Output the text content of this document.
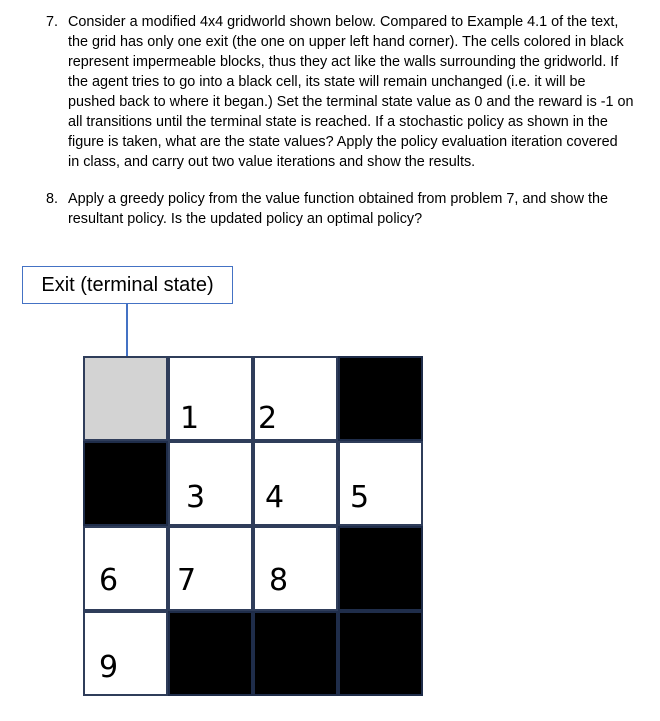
7. Consider a modified 4x4 gridworld shown below. Compared to Example 4.1 of the text,
the grid has only one exit (the one on upper left hand corner). The cells colored in black
represent impermeable blocks, thus they act like the walls surrounding the gridworld. If
the agent tries to go into a black cell, its state will remain unchanged (i.e. it will be
pushed back to where it began.) Set the terminal state value as 0 and the reward is -1 on
all transitions until the terminal state is reached. If a stochastic policy as shown in the
figure is taken, what are the state values? Apply the policy evaluation iteration covered
in class, and carry out two value iterations and show the results.
8. Apply a greedy policy from the value function obtained from problem 7, and show the
resultant policy. Is the updated policy an optimal policy?
Exit (terminal state)
1 2
3 4 5
6 7 8
9
